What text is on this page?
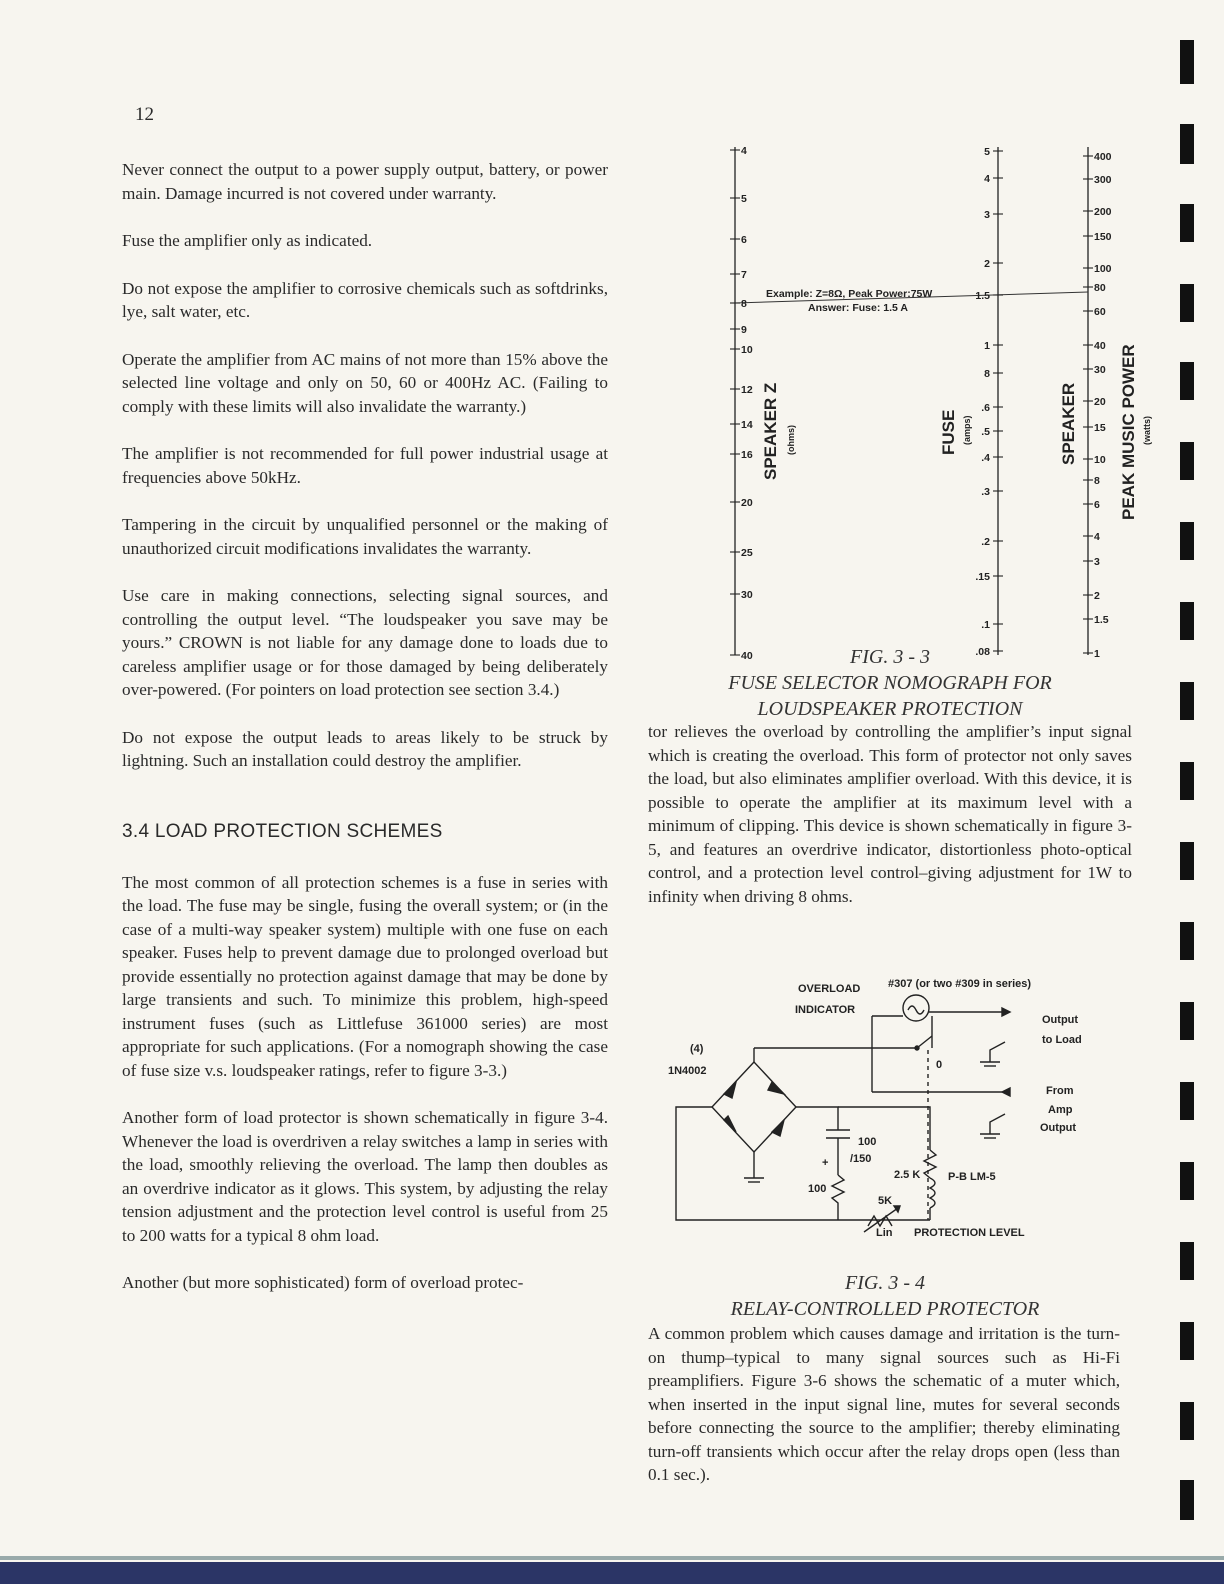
12

Never connect the output to a power supply output, battery, or power main. Damage incurred is not covered under warranty.

Fuse the amplifier only as indicated.

Do not expose the amplifier to corrosive chemicals such as softdrinks, lye, salt water, etc.

Operate the amplifier from AC mains of not more than 15% above the selected line voltage and only on 50, 60 or 400Hz AC. (Failing to comply with these limits will also invalidate the warranty.)

The amplifier is not recommended for full power industrial usage at frequencies above 50kHz.

Tampering in the circuit by unqualified personnel or the making of unauthorized circuit modifications invalidates the warranty.

Use care in making connections, selecting signal sources, and controlling the output level. “The loudspeaker you save may be yours.” CROWN is not liable for any damage done to loads due to careless amplifier usage or for those damaged by being deliberately over-powered. (For pointers on load protection see section 3.4.)

Do not expose the output leads to areas likely to be struck by lightning. Such an installation could destroy the amplifier.

3.4 LOAD PROTECTION SCHEMES

The most common of all protection schemes is a fuse in series with the load. The fuse may be single, fusing the overall system; or (in the case of a multi-way speaker system) multiple with one fuse on each speaker. Fuses help to prevent damage due to prolonged overload but provide essentially no protection against damage that may be done by large transients and such. To minimize this problem, high-speed instrument fuses (such as Littlefuse 361000 series) are most appropriate for such applications. (For a nomograph showing the case of fuse size v.s. loudspeaker ratings, refer to figure 3-3.)

Another form of load protector is shown schematically in figure 3-4. Whenever the load is overdriven a relay switches a lamp in series with the load, smoothly relieving the overload. The lamp then doubles as an overdrive indicator as it glows. This system, by adjusting the relay tension adjustment and the protection level control is useful from 25 to 200 watts for a typical 8 ohm load.

Another (but more sophisticated) form of overload protec-

4
5
6
7
8
9
10
12
14
16
20
25
30
40
5
4
3
2
1.5
1
8
.6
.5
.4
.3
.2
.15
.1
.08
400
300
200
150
100
80
60
40
30
20
15
10
8
6
4
3
2
1.5
1
Example: Z=8Ω, Peak Power:75W
Answer: Fuse: 1.5 A
SPEAKER Z (ohms)	FUSE (amps)	SPEAKER PEAK MUSIC POWER (watts)
FIG. 3 - 3
FUSE SELECTOR NOMOGRAPH FOR
LOUDSPEAKER PROTECTION

tor relieves the overload by controlling the amplifier’s input signal which is creating the overload. This form of protector not only saves the load, but also eliminates amplifier overload. With this device, it is possible to operate the amplifier at its maximum level with a minimum of clipping. This device is shown schematically in figure 3-5, and features an overdrive indicator, distortionless photo-optical control, and a protection level control–giving adjustment for 1W to infinity when driving 8 ohms.

OVERLOAD
INDICATOR
#307 (or two #309 in series)
Output
to Load
From
Amp
Output
(4)
1N4002
100
/150
+
100
2.5 K	P-B LM-5
5K
Lin PROTECTION LEVEL
0
FIG. 3 - 4
RELAY-CONTROLLED PROTECTOR

A common problem which causes damage and irritation is the turn-on thump–typical to many signal sources such as Hi-Fi preamplifiers. Figure 3-6 shows the schematic of a muter which, when inserted in the input signal line, mutes for several seconds before connecting the source to the amplifier; thereby eliminating turn-off transients which occur after the relay drops open (less than 0.1 sec.).
